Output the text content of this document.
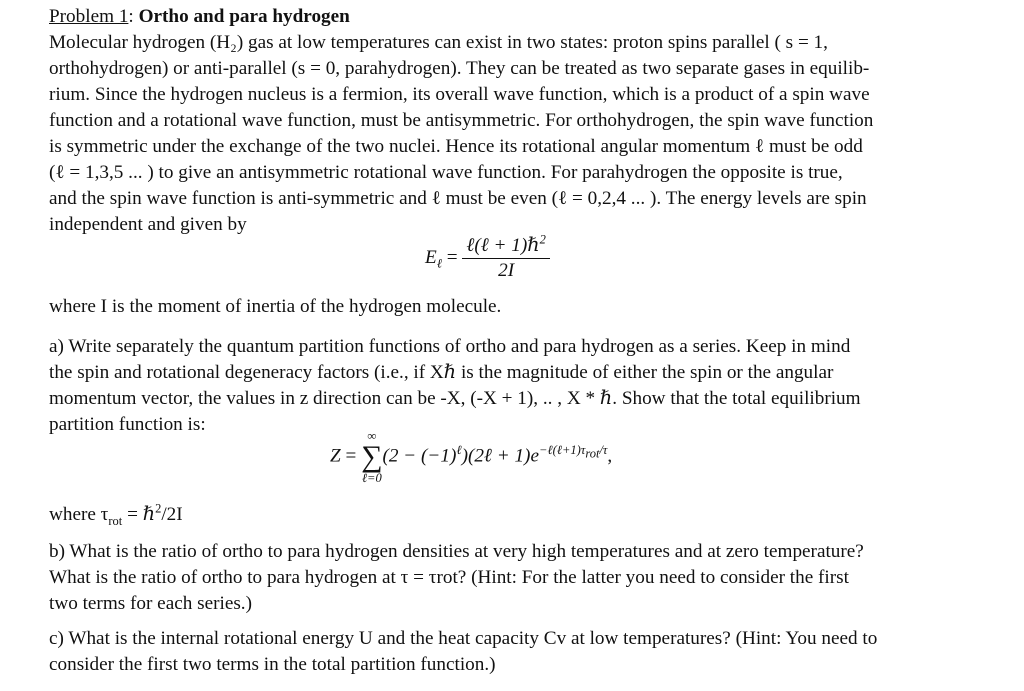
Problem 1: Ortho and para hydrogen
Molecular hydrogen (H₂) gas at low temperatures can exist in two states: proton spins parallel ( s = 1,
orthohydrogen) or anti-parallel (s = 0, parahydrogen). They can be treated as two separate gases in equilib-
rium. Since the hydrogen nucleus is a fermion, its overall wave function, which is a product of a spin wave
function and a rotational wave function, must be antisymmetric. For orthohydrogen, the spin wave function
is symmetric under the exchange of the two nuclei. Hence its rotational angular momentum ℓ must be odd
(ℓ = 1,3,5 ... ) to give an antisymmetric rotational wave function. For parahydrogen the opposite is true,
and the spin wave function is anti-symmetric and ℓ must be even (ℓ = 0,2,4 ... ). The energy levels are spin
independent and given by
$E_\ell = \frac{\ell(\ell + 1)\hbar^2}{2I}$
where I is the moment of inertia of the hydrogen molecule.
a) Write separately the quantum partition functions of ortho and para hydrogen as a series. Keep in mind
the spin and rotational degeneracy factors (i.e., if Xℏ is the magnitude of either the spin or the angular
momentum vector, the values in z direction can be -X, (-X + 1), .. , X * ℏ. Show that the total equilibrium
partition function is:
Z =
∞
∑
ℓ=0
$(2 - (-1)^\ell)(2\ell + 1)e^{-\ell(\ell+1)\tau_{rot}/\tau}$,
where $\tau_{rot}$ = ℏ$^2$/2I
b) What is the ratio of ortho to para hydrogen densities at very high temperatures and at zero temperature?
What is the ratio of ortho to para hydrogen at τ = τrot? (Hint: For the latter you need to consider the first
two terms for each series.)
c) What is the internal rotational energy U and the heat capacity Cv at low temperatures? (Hint: You need to
consider the first two terms in the total partition function.)
